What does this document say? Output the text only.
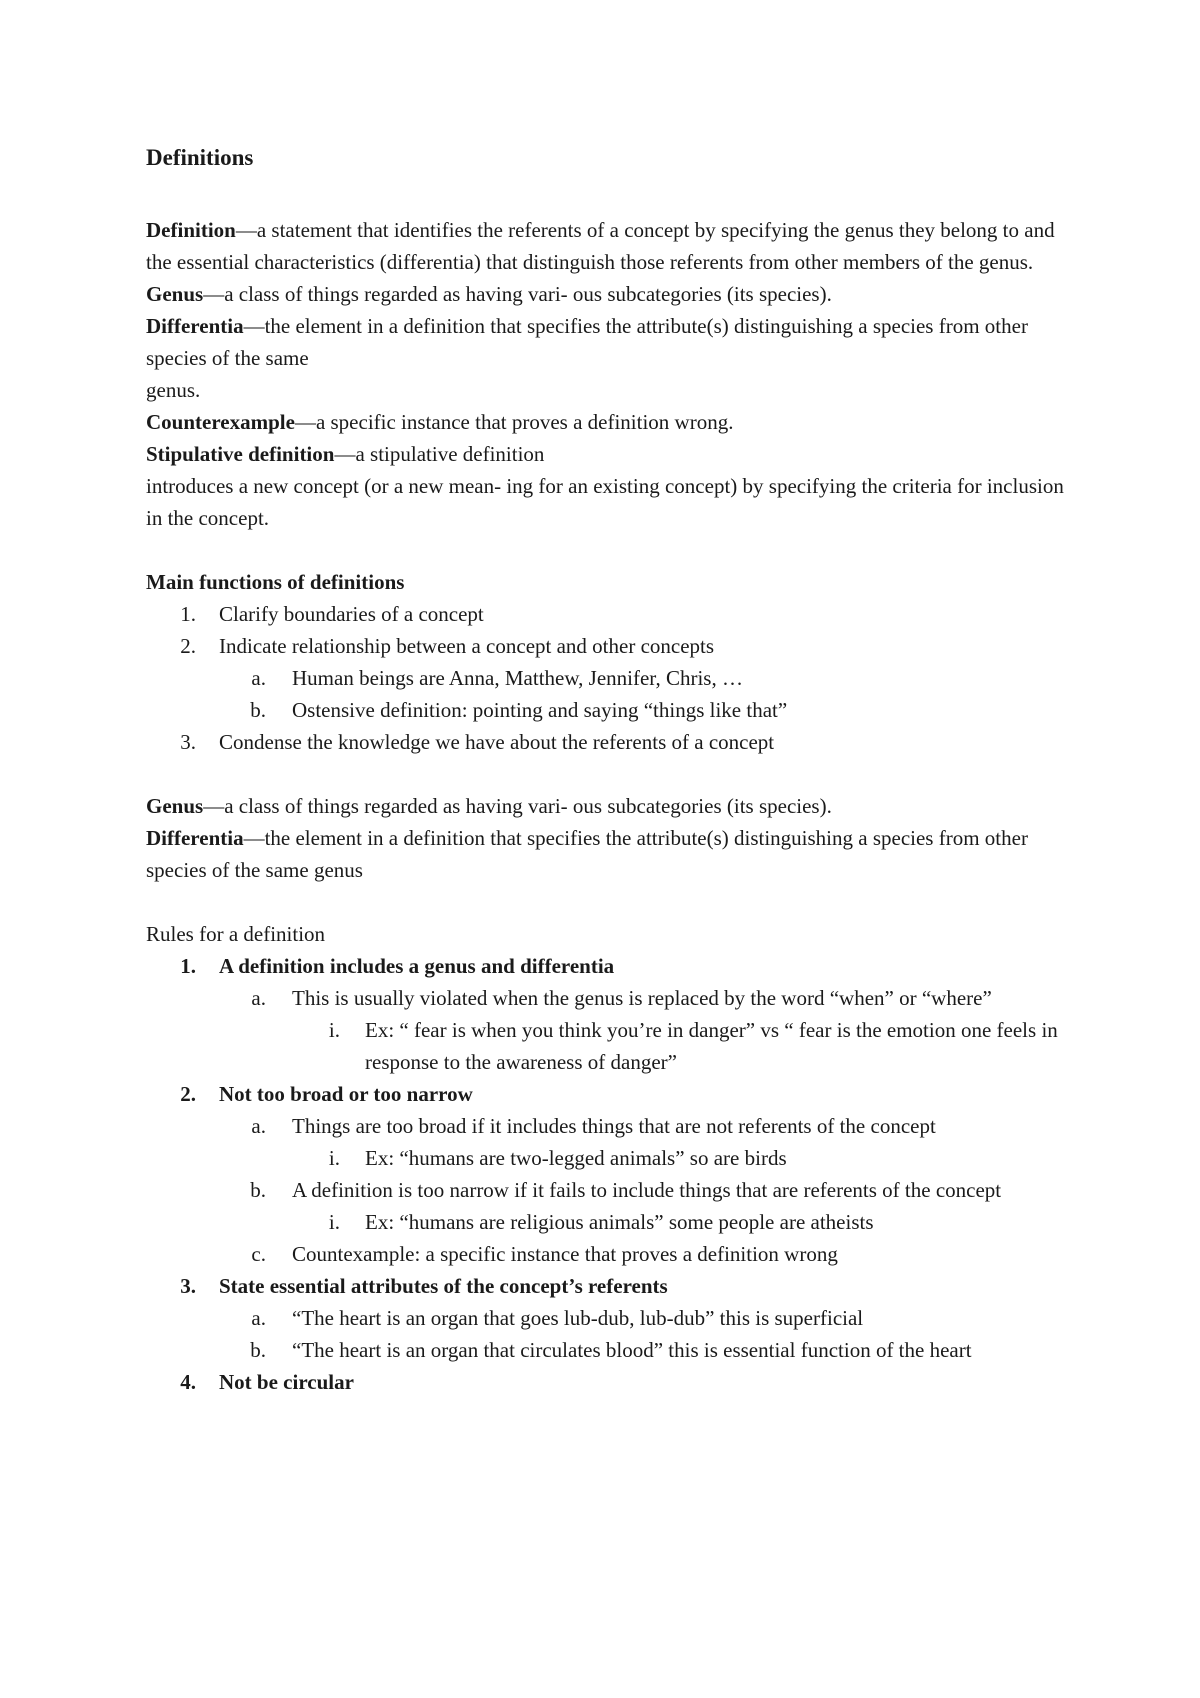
Definitions

Definition—a statement that identifies the referents of a concept by specifying the genus they belong to and the essential characteristics (differentia) that distinguish those referents from other members of the genus.

Genus—a class of things regarded as having vari- ous subcategories (its species).

Differentia—the element in a definition that specifies the attribute(s) distinguishing a species from other species of the same

genus.

Counterexample—a specific instance that proves a definition wrong.

Stipulative definition—a stipulative definition

introduces a new concept (or a new mean- ing for an existing concept) by specifying the criteria for inclusion in the concept.

Main functions of definitions

1. Clarify boundaries of a concept
2. Indicate relationship between a concept and other concepts
a. Human beings are Anna, Matthew, Jennifer, Chris, …
b. Ostensive definition: pointing and saying “things like that”
3. Condense the knowledge we have about the referents of a concept

Genus—a class of things regarded as having vari- ous subcategories (its species).

Differentia—the element in a definition that specifies the attribute(s) distinguishing a species from other species of the same genus

Rules for a definition

1. A definition includes a genus and differentia
a. This is usually violated when the genus is replaced by the word “when” or “where”
i. Ex: “ fear is when you think you’re in danger” vs “ fear is the emotion one feels in response to the awareness of danger”
2. Not too broad or too narrow
a. Things are too broad if it includes things that are not referents of the concept
i. Ex: “humans are two-legged animals” so are birds
b. A definition is too narrow if it fails to include things that are referents of the concept
i. Ex: “humans are religious animals” some people are atheists
c. Countexample: a specific instance that proves a definition wrong
3. State essential attributes of the concept’s referents
a. “The heart is an organ that goes lub-dub, lub-dub” this is superficial
b. “The heart is an organ that circulates blood” this is essential function of the heart
4. Not be circular
